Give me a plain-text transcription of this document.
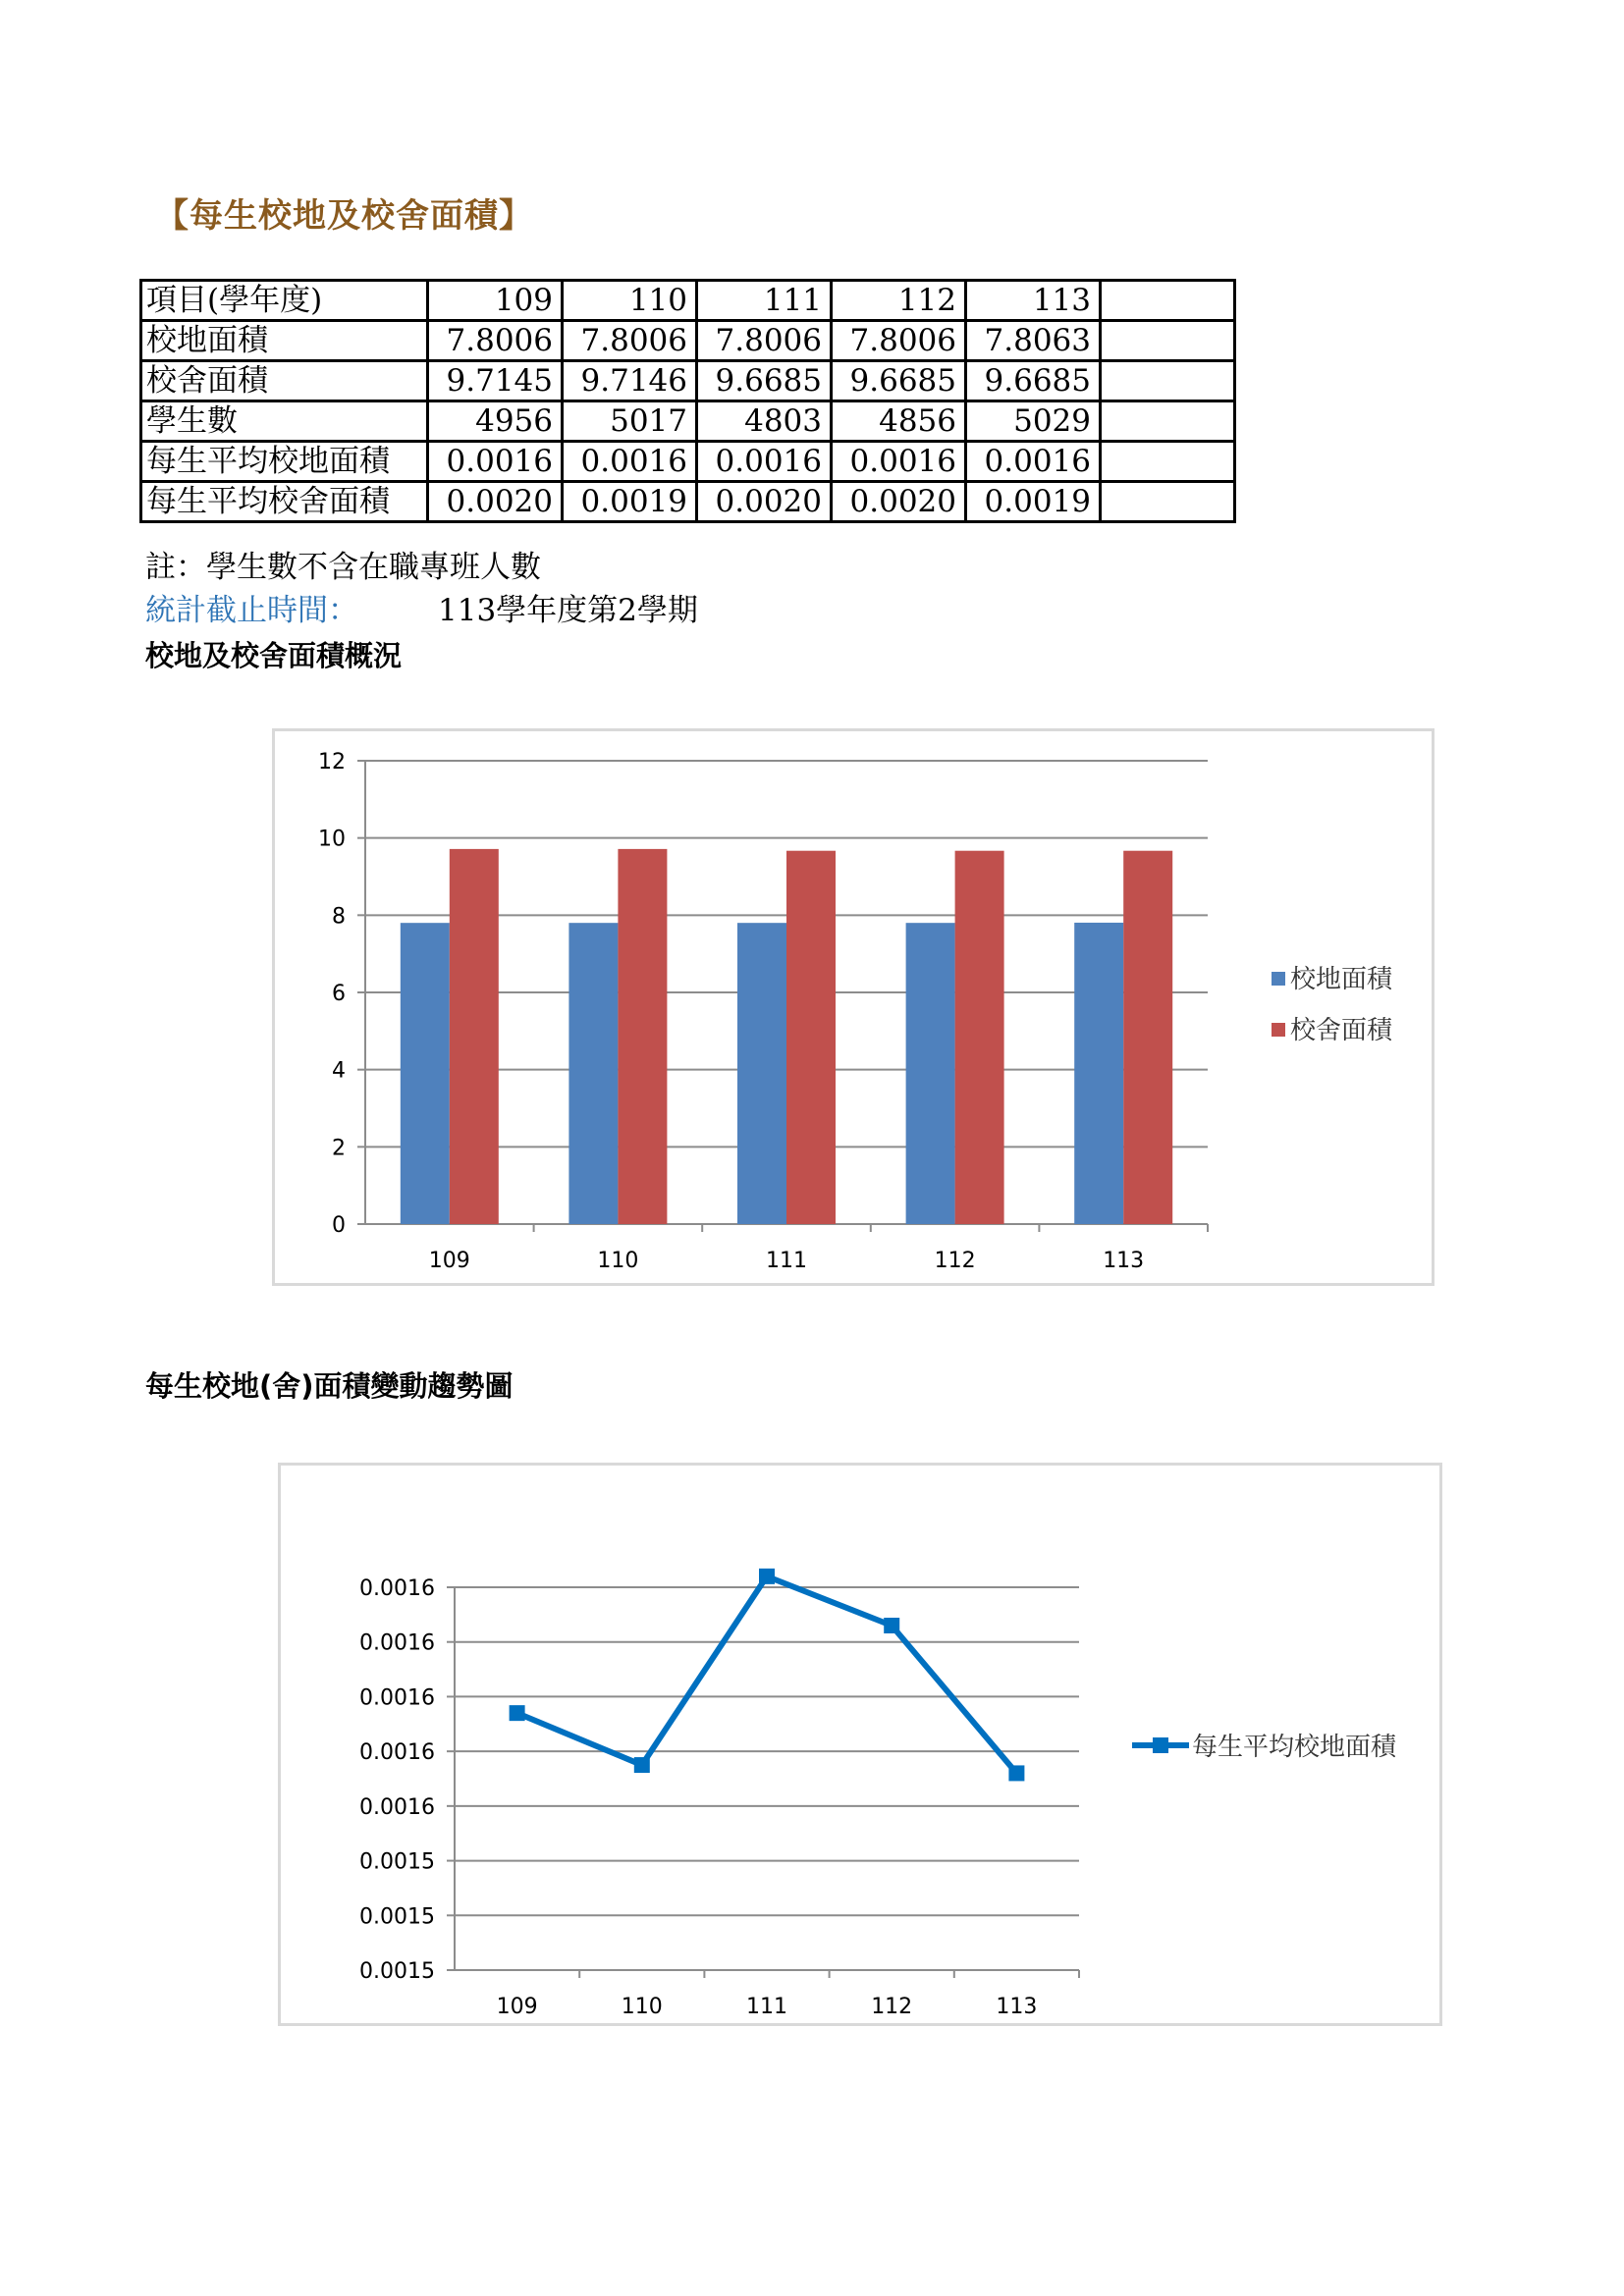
【每生校地及校舍面積】
項目(學年度)	109	110	111	112	113	
校地面積	7.8006	7.8006	7.8006	7.8006	7.8063	
校舍面積	9.7145	9.7146	9.6685	9.6685	9.6685	
學生數	4956	5017	4803	4856	5029	
每生平均校地面積	0.0016	0.0016	0.0016	0.0016	0.0016	
每生平均校舍面積	0.0020	0.0019	0.0020	0.0020	0.0019	
註：學生數不含在職專班人數
統計截止時間：	113學年度第2學期
校地及校舍面積概況
0
2
4
6
8
10
12
109	110	111	112	113
校地面積
校舍面積
每生校地(舍)面積變動趨勢圖
0.0015
0.0015
0.0015
0.0016
0.0016
0.0016
0.0016
0.0016
109	110	111	112	113
每生平均校地面積
